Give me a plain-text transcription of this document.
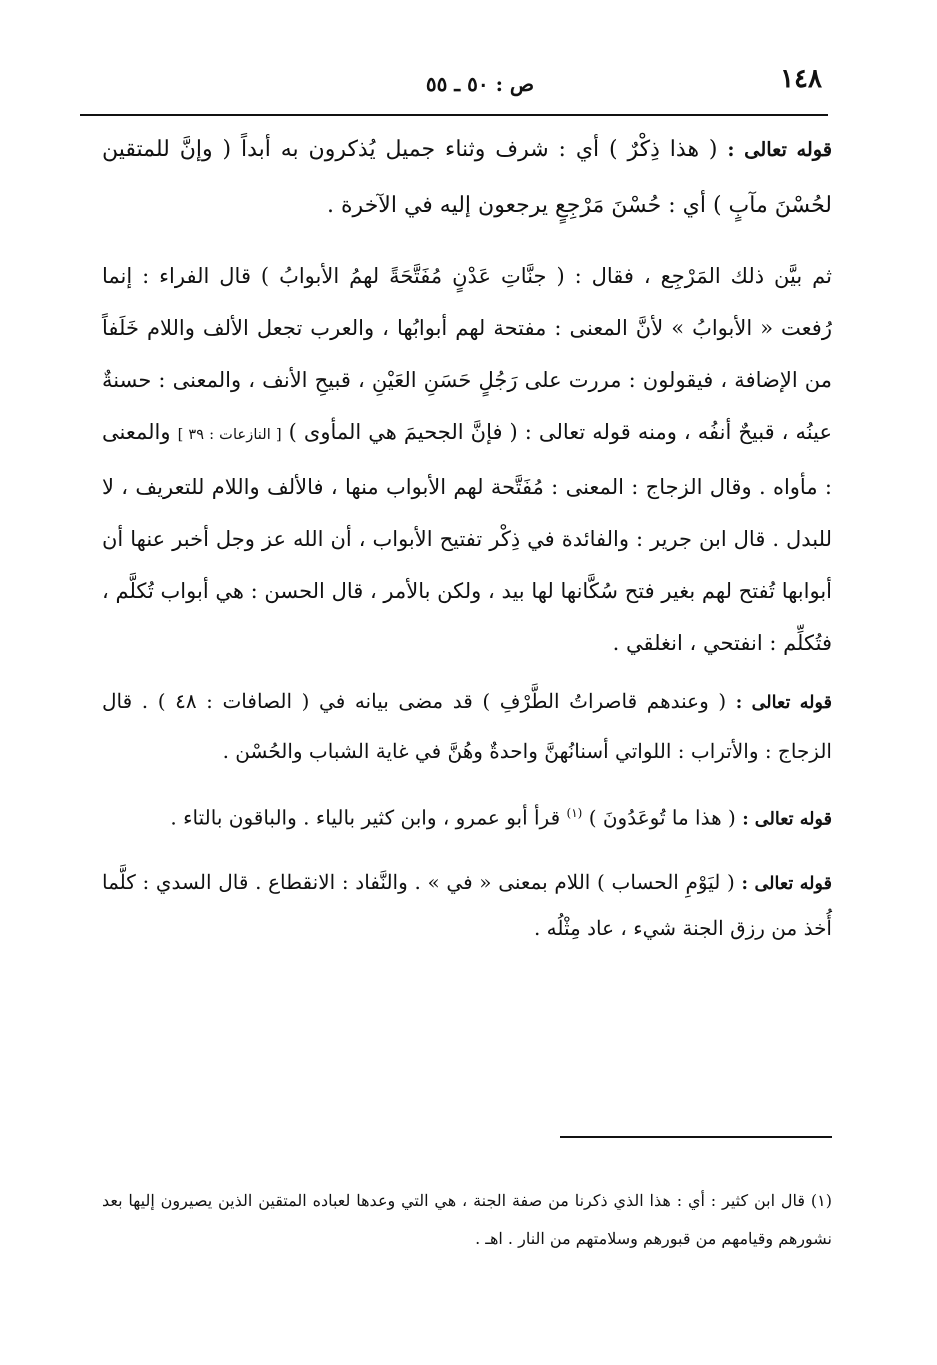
١٤٨
ص : ٥٠ ـ ٥٥

قوله تعالى : ( هذا ذِكْرٌ ) أي : شرف وثناء جميل يُذكرون به أبداً ( وإنَّ للمتقين لحُسْنَ مآبٍ ) أي : حُسْنَ مَرْجِعٍ يرجعون إليه في الآخرة .

ثم بيَّن ذلك المَرْجِع ، فقال : ( جنَّاتِ عَدْنٍ مُفَتَّحَةً لهمُ الأبوابُ ) قال الفراء : إنما رُفعت « الأبوابُ » لأنَّ المعنى : مفتحة لهم أبوابُها ، والعرب تجعل الألف واللام خَلَفاً من الإضافة ، فيقولون : مررت على رَجُلٍ حَسَنِ العَيْنِ ، قبيحِ الأنف ، والمعنى : حسنةٌ عينُه ، قبيحٌ أنفُه ، ومنه قوله تعالى : ( فإنَّ الجحيمَ هي المأوى ) [ النازعات : ٣٩ ] والمعنى : مأواه . وقال الزجاج : المعنى : مُفَتَّحة لهم الأبواب منها ، فالألف واللام للتعريف ، لا للبدل . قال ابن جرير : والفائدة في ذِكْر تفتيح الأبواب ، أن الله عز وجل أخبر عنها أن أبوابها تُفتح لهم بغير فتح سُكَّانها لها بيد ، ولكن بالأمر ، قال الحسن : هي أبواب تُكلَّم ، فتُكلِّم : انفتحي ، انغلقي .

قوله تعالى : ( وعندهم قاصراتُ الطَّرْفِ ) قد مضى بيانه في ( الصافات : ٤٨ ) . قال الزجاج : والأتراب : اللواتي أسنانُهنَّ واحدةٌ وهُنَّ في غاية الشباب والحُسْن .

قوله تعالى : ( هذا ما تُوعَدُونَ ) $^{(١)}$ قرأ أبو عمرو ، وابن كثير بالياء . والباقون بالتاء .

قوله تعالى : ( ليَوْمِ الحساب ) اللام بمعنى « في » . والنَّفاد : الانقطاع . قال السدي : كلَّما أُخذ من رزق الجنة شيء ، عاد مِثْلُه .

(١) قال ابن كثير : أي : هذا الذي ذكرنا من صفة الجنة ، هي التي وعدها لعباده المتقين الذين يصيرون إليها بعد نشورهم وقيامهم من قبورهم وسلامتهم من النار . اهـ .
